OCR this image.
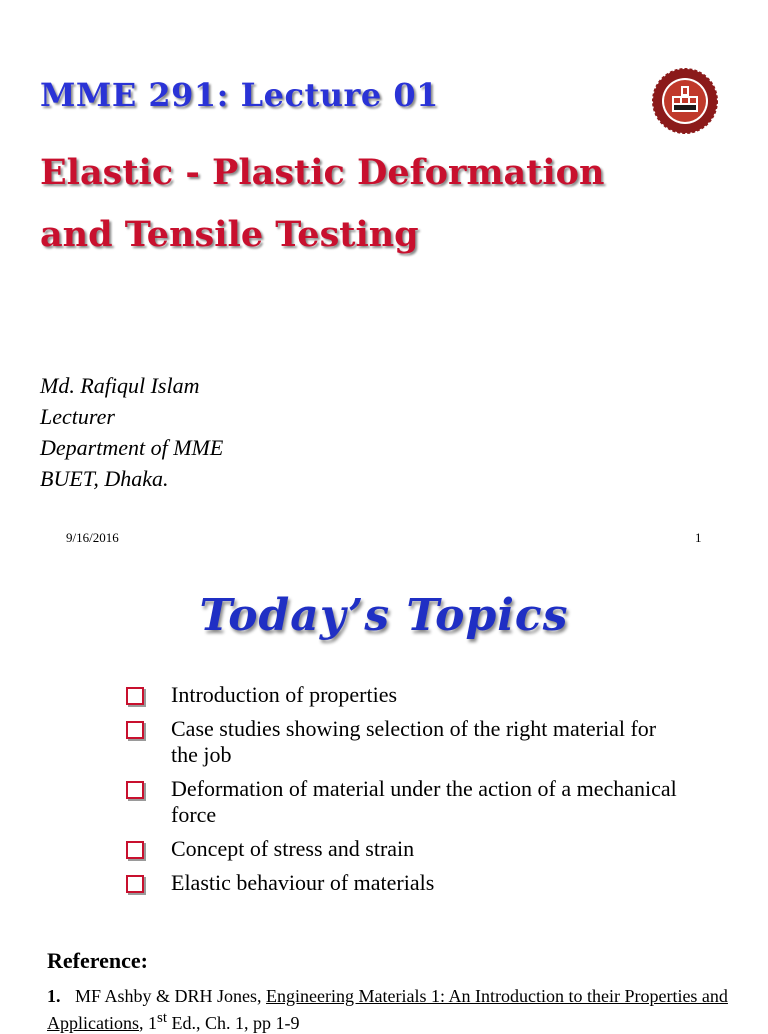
MME 291: Lecture 01
Elastic - Plastic Deformation
and Tensile Testing
Md. Rafiqul Islam
Lecturer
Department of MME
BUET, Dhaka.
9/16/2016	1
Today’s Topics
Introduction of properties
Case studies showing selection of the right material for the job
Deformation of material under the action of a mechanical force
Concept of stress and strain
Elastic behaviour of materials
Reference:
1. MF Ashby & DRH Jones, Engineering Materials 1: An Introduction to their Properties and Applications, 1st Ed., Ch. 1, pp 1-9
